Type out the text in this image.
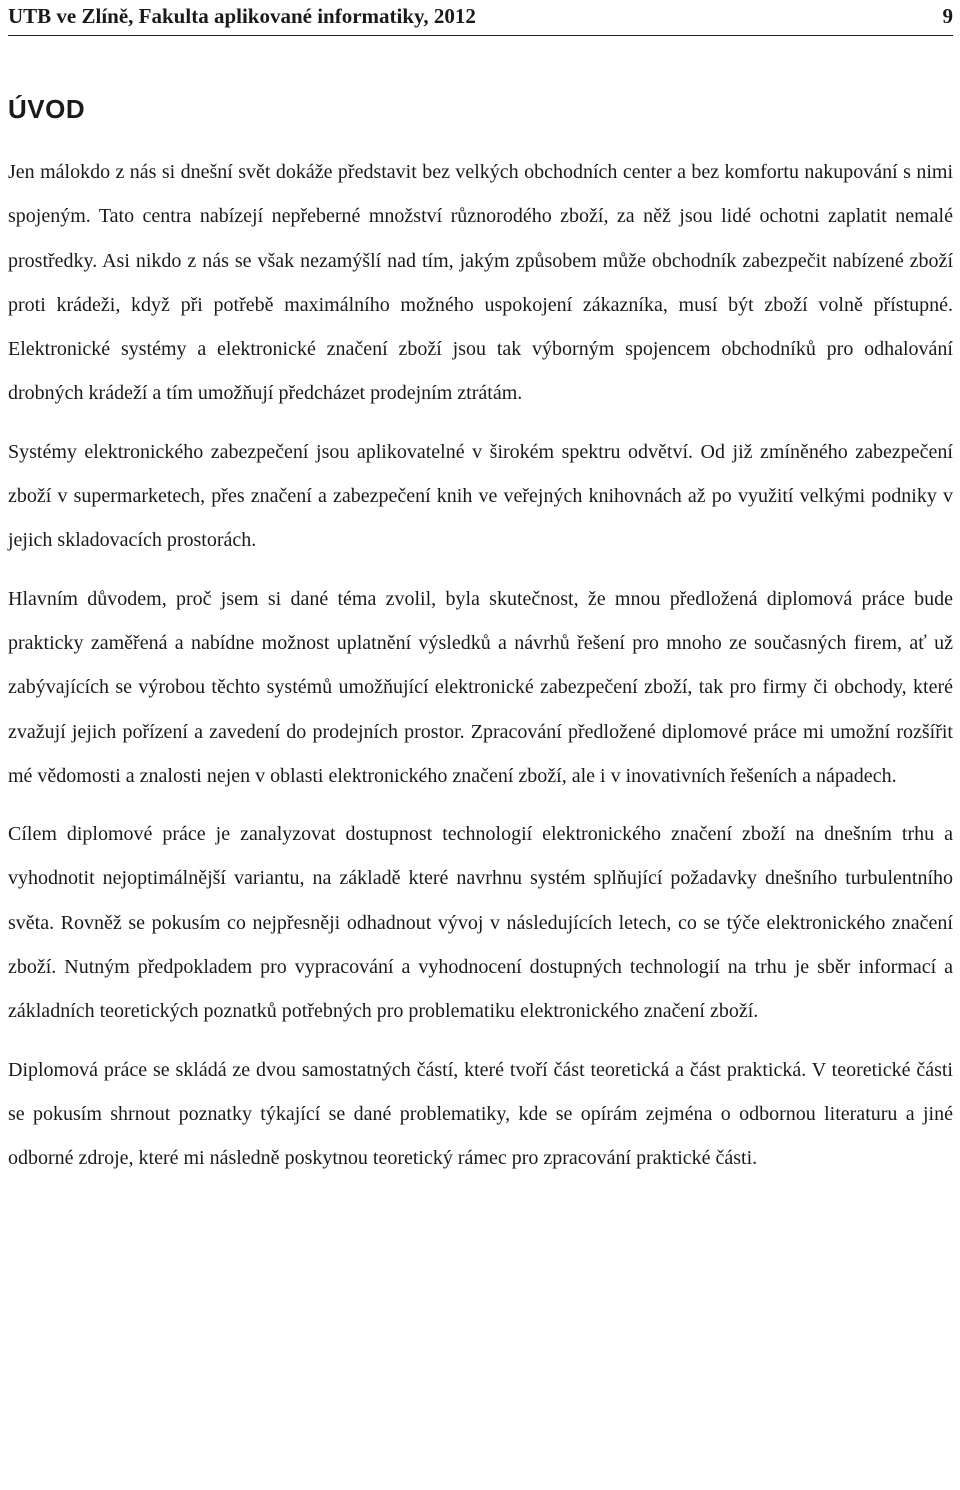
UTB ve Zlíně, Fakulta aplikované informatiky, 2012	9
ÚVOD

Jen málokdo z nás si dnešní svět dokáže představit bez velkých obchodních center a bez komfortu nakupování s nimi spojeným. Tato centra nabízejí nepřeberné množství různorodého zboží, za něž jsou lidé ochotni zaplatit nemalé prostředky. Asi nikdo z nás se však nezamýšlí nad tím, jakým způsobem může obchodník zabezpečit nabízené zboží proti krádeži, když při potřebě maximálního možného uspokojení zákazníka, musí být zboží volně přístupné. Elektronické systémy a elektronické značení zboží jsou tak výborným spojencem obchodníků pro odhalování drobných krádeží a tím umožňují předcházet prodejním ztrátám.

Systémy elektronického zabezpečení jsou aplikovatelné v širokém spektru odvětví. Od již zmíněného zabezpečení zboží v supermarketech, přes značení a zabezpečení knih ve veřejných knihovnách až po využití velkými podniky v jejich skladovacích prostorách.

Hlavním důvodem, proč jsem si dané téma zvolil, byla skutečnost, že mnou předložená diplomová práce bude prakticky zaměřená a nabídne možnost uplatnění výsledků a návrhů řešení pro mnoho ze současných firem, ať už zabývajících se výrobou těchto systémů umožňující elektronické zabezpečení zboží, tak pro firmy či obchody, které zvažují jejich pořízení a zavedení do prodejních prostor. Zpracování předložené diplomové práce mi umožní rozšířit mé vědomosti a znalosti nejen v oblasti elektronického značení zboží, ale i v inovativních řešeních a nápadech.

Cílem diplomové práce je zanalyzovat dostupnost technologií elektronického značení zboží na dnešním trhu a vyhodnotit nejoptimálnější variantu, na základě které navrhnu systém splňující požadavky dnešního turbulentního světa. Rovněž se pokusím co nejpřesněji odhadnout vývoj v následujících letech, co se týče elektronického značení zboží. Nutným předpokladem pro vypracování a vyhodnocení dostupných technologií na trhu je sběr informací a základních teoretických poznatků potřebných pro problematiku elektronického značení zboží.

Diplomová práce se skládá ze dvou samostatných částí, které tvoří část teoretická a část praktická. V teoretické části se pokusím shrnout poznatky týkající se dané problematiky, kde se opírám zejména o odbornou literaturu a jiné odborné zdroje, které mi následně poskytnou teoretický rámec pro zpracování praktické části.
